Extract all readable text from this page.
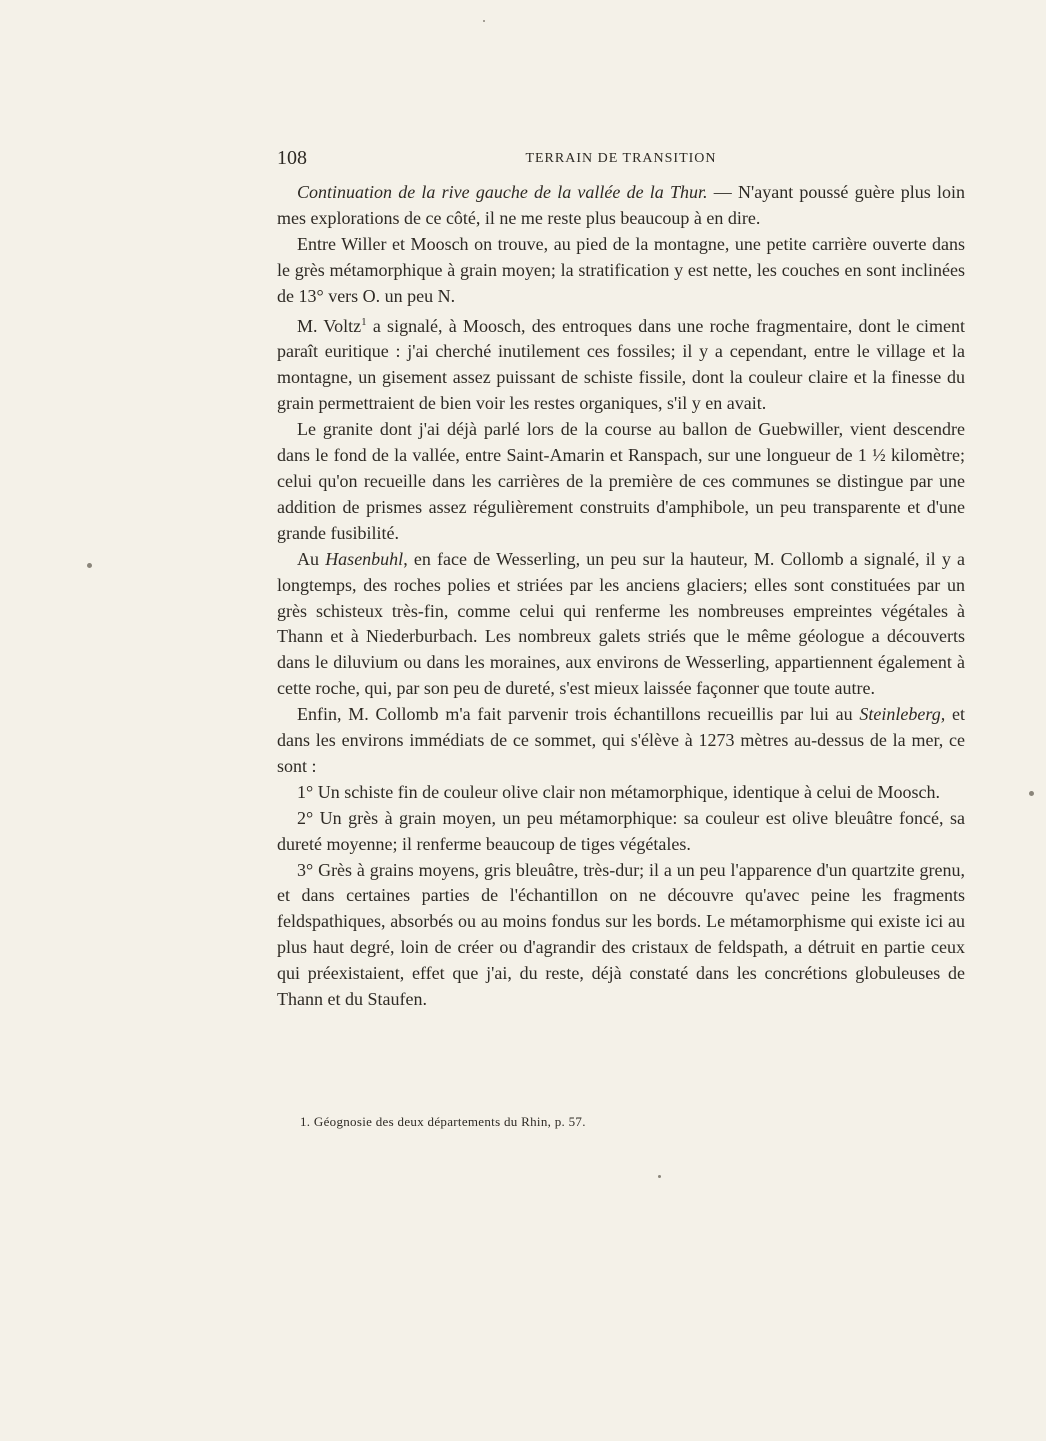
108	TERRAIN DE TRANSITION

Continuation de la rive gauche de la vallée de la Thur. — N'ayant poussé guère plus loin mes explorations de ce côté, il ne me reste plus beaucoup à en dire.

Entre Willer et Moosch on trouve, au pied de la montagne, une petite carrière ouverte dans le grès métamorphique à grain moyen; la stratification y est nette, les couches en sont inclinées de 13° vers O. un peu N.

M. Voltz$^1$ a signalé, à Moosch, des entroques dans une roche fragmentaire, dont le ciment paraît euritique : j'ai cherché inutilement ces fossiles; il y a cependant, entre le village et la montagne, un gisement assez puissant de schiste fissile, dont la couleur claire et la finesse du grain permettraient de bien voir les restes organiques, s'il y en avait.

Le granite dont j'ai déjà parlé lors de la course au ballon de Guebwiller, vient descendre dans le fond de la vallée, entre Saint-Amarin et Ranspach, sur une longueur de 1 ½ kilomètre; celui qu'on recueille dans les carrières de la première de ces communes se distingue par une addition de prismes assez régulièrement construits d'amphibole, un peu transparente et d'une grande fusibilité.

Au Hasenbuhl, en face de Wesserling, un peu sur la hauteur, M. Collomb a signalé, il y a longtemps, des roches polies et striées par les anciens glaciers; elles sont constituées par un grès schisteux très-fin, comme celui qui renferme les nombreuses empreintes végétales à Thann et à Niederburbach. Les nombreux galets striés que le même géologue a découverts dans le diluvium ou dans les moraines, aux environs de Wesserling, appartiennent également à cette roche, qui, par son peu de dureté, s'est mieux laissée façonner que toute autre.

Enfin, M. Collomb m'a fait parvenir trois échantillons recueillis par lui au Steinleberg, et dans les environs immédiats de ce sommet, qui s'élève à 1273 mètres au-dessus de la mer, ce sont :

1° Un schiste fin de couleur olive clair non métamorphique, identique à celui de Moosch.

2° Un grès à grain moyen, un peu métamorphique: sa couleur est olive bleuâtre foncé, sa dureté moyenne; il renferme beaucoup de tiges végétales.

3° Grès à grains moyens, gris bleuâtre, très-dur; il a un peu l'apparence d'un quartzite grenu, et dans certaines parties de l'échantillon on ne découvre qu'avec peine les fragments feldspathiques, absorbés ou au moins fondus sur les bords. Le métamorphisme qui existe ici au plus haut degré, loin de créer ou d'agrandir des cristaux de feldspath, a détruit en partie ceux qui préexistaient, effet que j'ai, du reste, déjà constaté dans les concrétions globuleuses de Thann et du Staufen.

1. Géognosie des deux départements du Rhin, p. 57.
